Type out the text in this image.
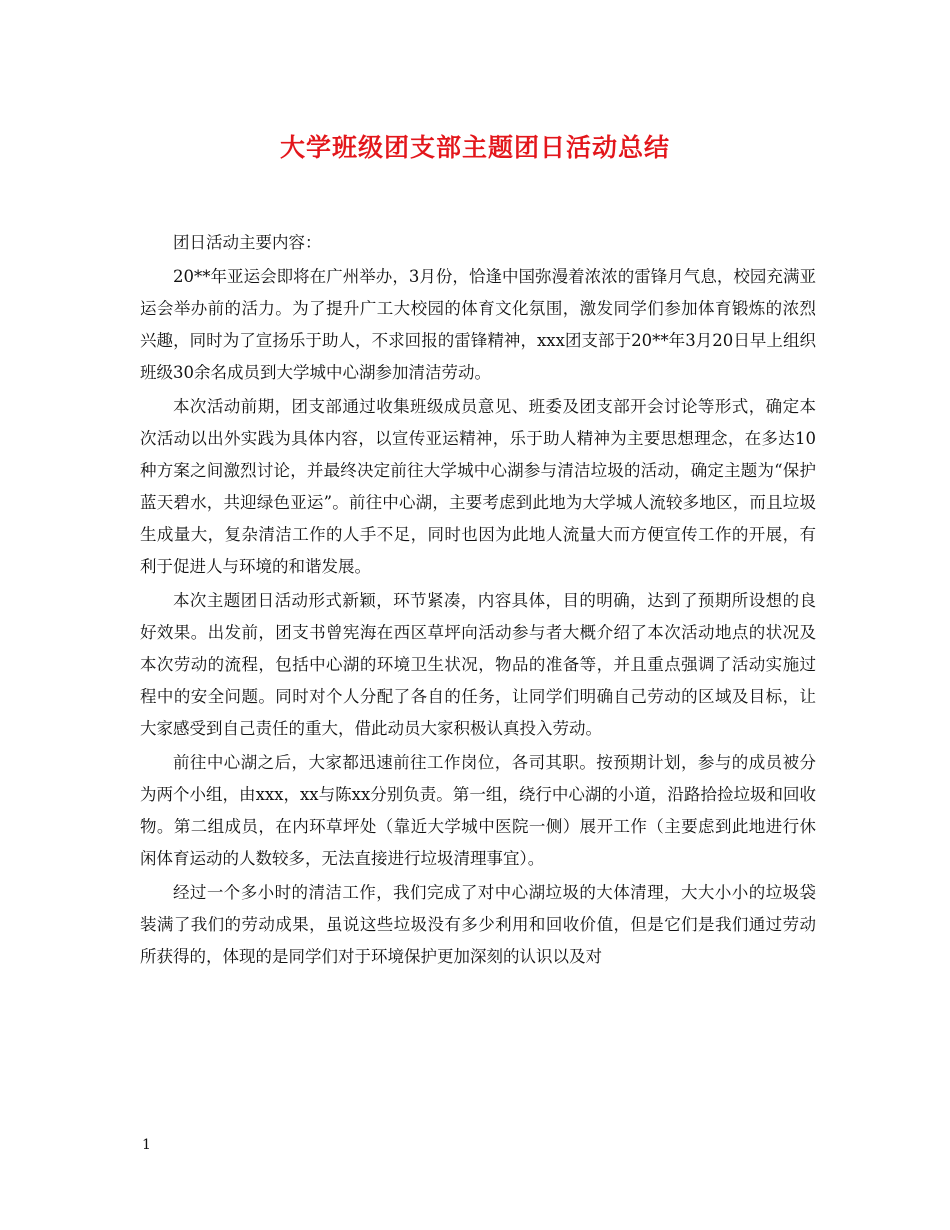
大学班级团支部主题团日活动总结

团日活动主要内容：

20**年亚运会即将在广州举办，3月份，恰逢中国弥漫着浓浓的雷锋月气息，校园充满亚运会举办前的活力。为了提升广工大校园的体育文化氛围，激发同学们参加体育锻炼的浓烈兴趣，同时为了宣扬乐于助人，不求回报的雷锋精神，xxx团支部于20**年3月20日早上组织班级30余名成员到大学城中心湖参加清洁劳动。

本次活动前期，团支部通过收集班级成员意见、班委及团支部开会讨论等形式，确定本次活动以出外实践为具体内容，以宣传亚运精神，乐于助人精神为主要思想理念，在多达10种方案之间激烈讨论，并最终决定前往大学城中心湖参与清洁垃圾的活动，确定主题为“保护蓝天碧水，共迎绿色亚运”。前往中心湖，主要考虑到此地为大学城人流较多地区，而且垃圾生成量大，复杂清洁工作的人手不足，同时也因为此地人流量大而方便宣传工作的开展，有利于促进人与环境的和谐发展。

本次主题团日活动形式新颖，环节紧凑，内容具体，目的明确，达到了预期所设想的良好效果。出发前，团支书曾宪海在西区草坪向活动参与者大概介绍了本次活动地点的状况及本次劳动的流程，包括中心湖的环境卫生状况，物品的准备等，并且重点强调了活动实施过程中的安全问题。同时对个人分配了各自的任务，让同学们明确自己劳动的区域及目标，让大家感受到自己责任的重大，借此动员大家积极认真投入劳动。

前往中心湖之后，大家都迅速前往工作岗位，各司其职。按预期计划，参与的成员被分为两个小组，由xxx，xx与陈xx分别负责。第一组，绕行中心湖的小道，沿路拾捡垃圾和回收物。第二组成员，在内环草坪处（靠近大学城中医院一侧）展开工作（主要虑到此地进行休闲体育运动的人数较多，无法直接进行垃圾清理事宜）。

经过一个多小时的清洁工作，我们完成了对中心湖垃圾的大体清理，大大小小的垃圾袋装满了我们的劳动成果，虽说这些垃圾没有多少利用和回收价值，但是它们是我们通过劳动所获得的，体现的是同学们对于环境保护更加深刻的认识以及对

1
